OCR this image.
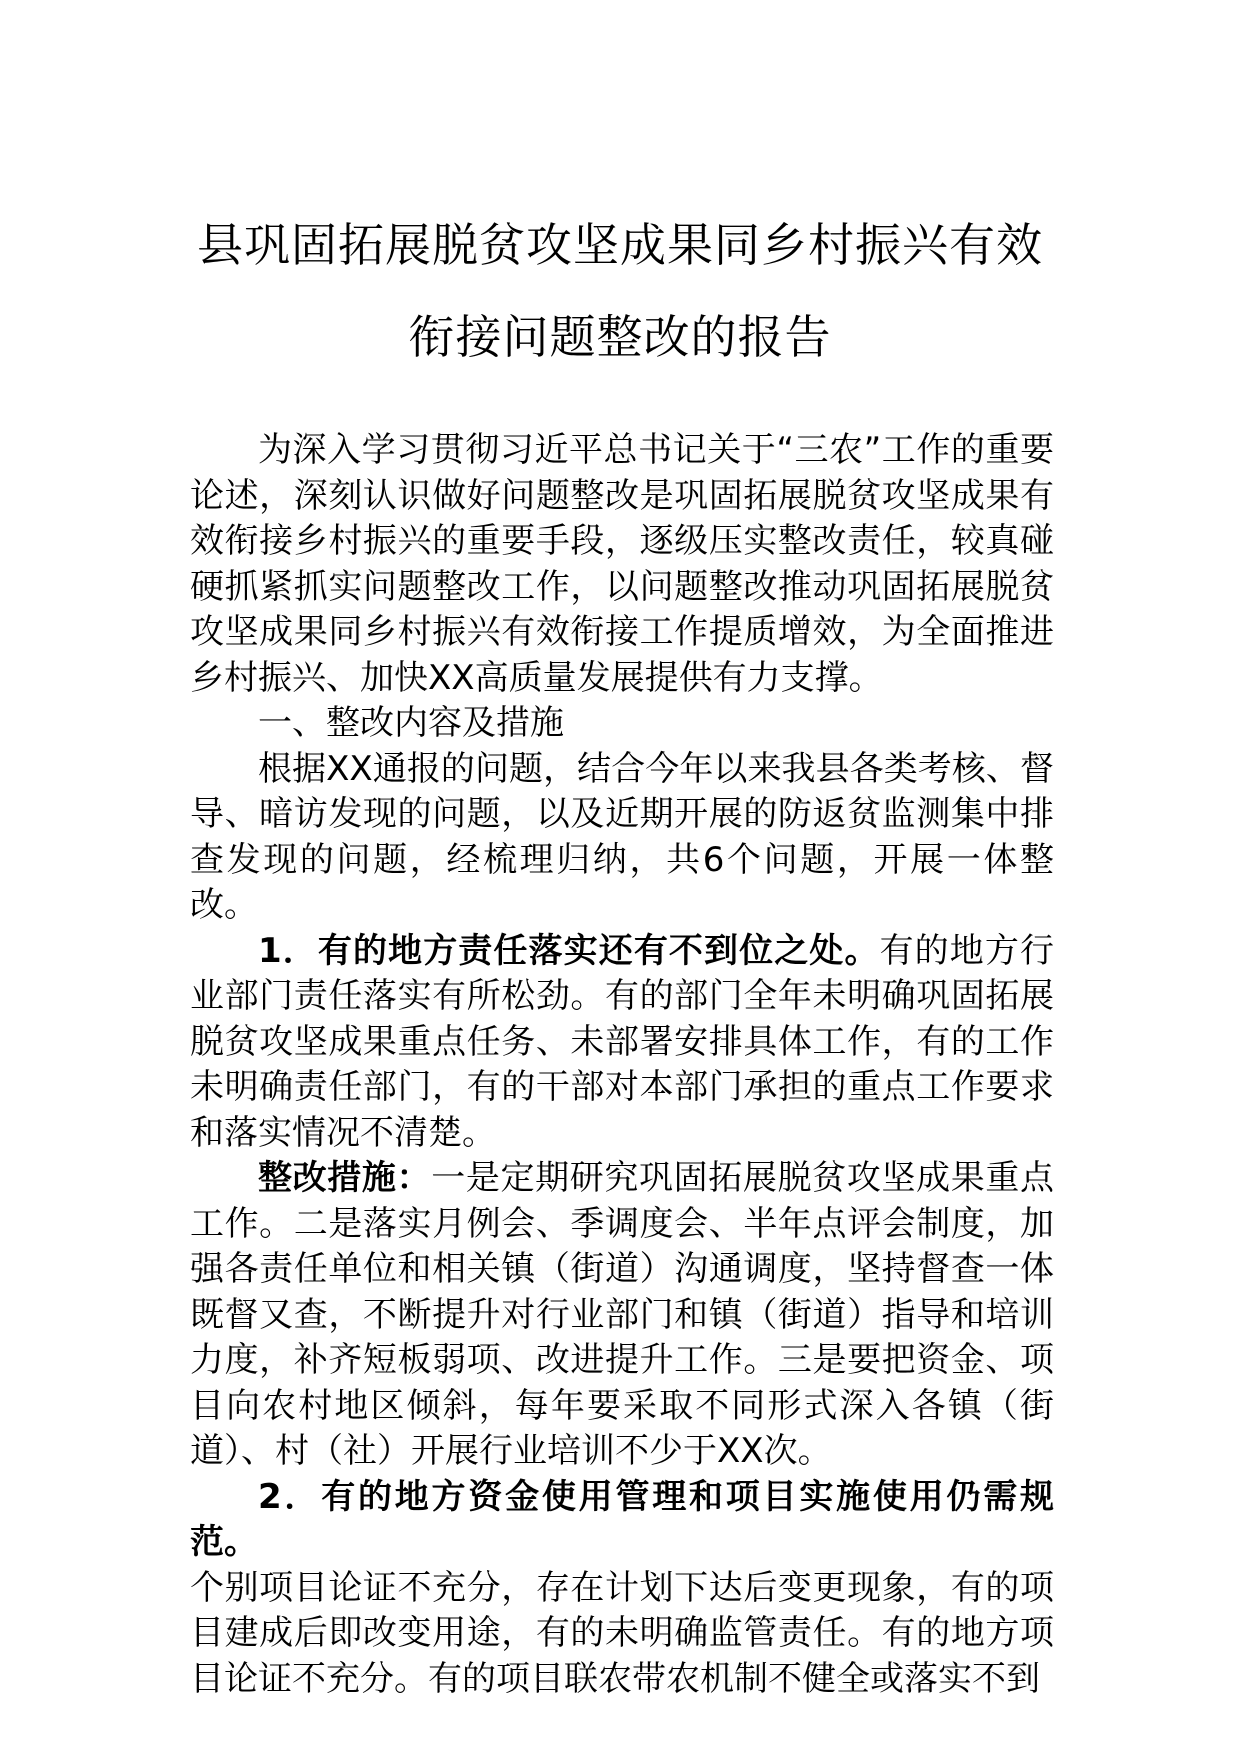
县巩固拓展脱贫攻坚成果同乡村振兴有效
衔接问题整改的报告

为深入学习贯彻习近平总书记关于“三农”工作的重要论述，深刻认识做好问题整改是巩固拓展脱贫攻坚成果有效衔接乡村振兴的重要手段，逐级压实整改责任，较真碰硬抓紧抓实问题整改工作，以问题整改推动巩固拓展脱贫攻坚成果同乡村振兴有效衔接工作提质增效，为全面推进乡村振兴、加快XX高质量发展提供有力支撑。

一、整改内容及措施

根据XX通报的问题，结合今年以来我县各类考核、督导、暗访发现的问题，以及近期开展的防返贫监测集中排查发现的问题，经梳理归纳，共6个问题，开展一体整改。

1．有的地方责任落实还有不到位之处。有的地方行业部门责任落实有所松劲。有的部门全年未明确巩固拓展脱贫攻坚成果重点任务、未部署安排具体工作，有的工作未明确责任部门，有的干部对本部门承担的重点工作要求和落实情况不清楚。

整改措施：一是定期研究巩固拓展脱贫攻坚成果重点工作。二是落实月例会、季调度会、半年点评会制度，加强各责任单位和相关镇（街道）沟通调度，坚持督查一体既督又查，不断提升对行业部门和镇（街道）指导和培训力度，补齐短板弱项、改进提升工作。三是要把资金、项目向农村地区倾斜，每年要采取不同形式深入各镇（街道）、村（社）开展行业培训不少于XX次。

2．有的地方资金使用管理和项目实施使用仍需规范。

个别项目论证不充分，存在计划下达后变更现象，有的项目建成后即改变用途，有的未明确监管责任。有的地方项目论证不充分。有的项目联农带农机制不健全或落实不到
